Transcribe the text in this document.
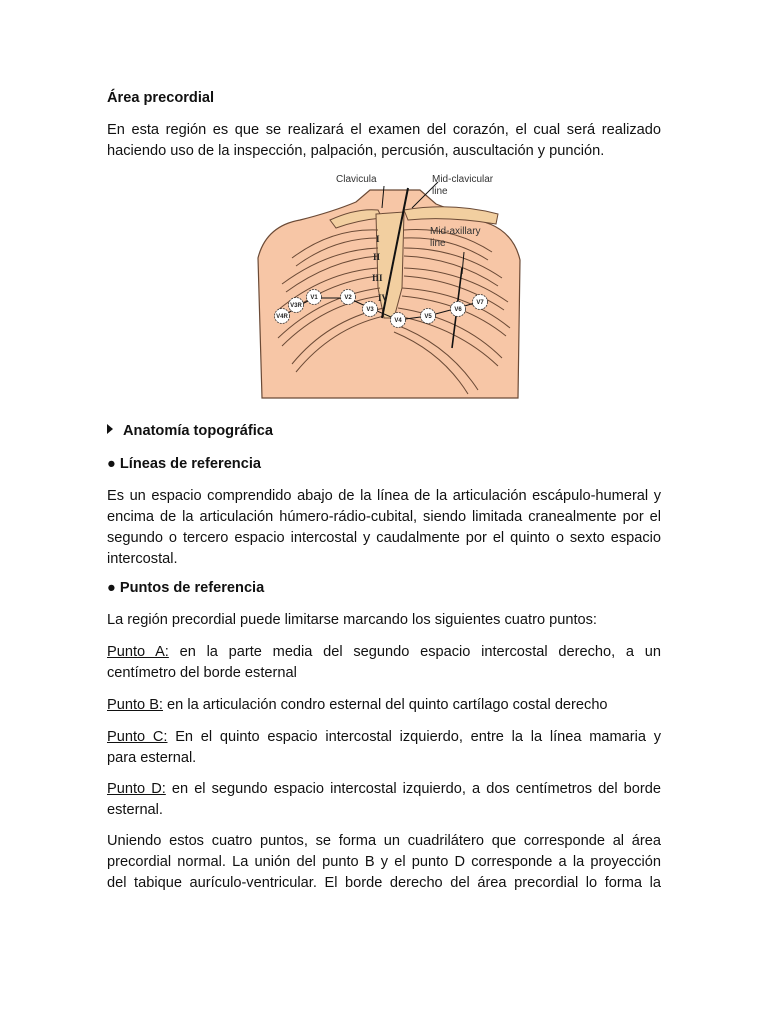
Área precordial
En esta región es que se realizará el examen del corazón, el cual será realizado
haciendo uso de la inspección, palpación, percusión, auscultación y punción.
Anatomía topográfica
● Líneas de referencia
Es un espacio comprendido abajo de la línea de la articulación escápulo-humeral y
encima de la articulación húmero-rádio-cubital, siendo limitada cranealmente por el
segundo o tercero espacio intercostal y caudalmente por el quinto o sexto espacio
intercostal.
● Puntos de referencia
La región precordial puede limitarse marcando los siguientes cuatro puntos:
Punto A: en la parte media del segundo espacio intercostal derecho, a un
centímetro del borde esternal
Punto B: en la articulación condro esternal del quinto cartílago costal derecho
Punto C: En el quinto espacio intercostal izquierdo, entre la la línea mamaria y
para esternal.
Punto D: en el segundo espacio intercostal izquierdo, a dos centímetros del borde
esternal.
Uniendo estos cuatro puntos, se forma un cuadrilátero que corresponde al área
precordial normal. La unión del punto B y el punto D corresponde a la proyección
del tabique aurículo-ventricular. El borde derecho del área precordial lo forma la
Clavicula	Mid-clavicular
line
Mid-axillary
line
I
II
III
IV
V1	V2
V3
V4
V5
V6
V7
V3R
V4R
